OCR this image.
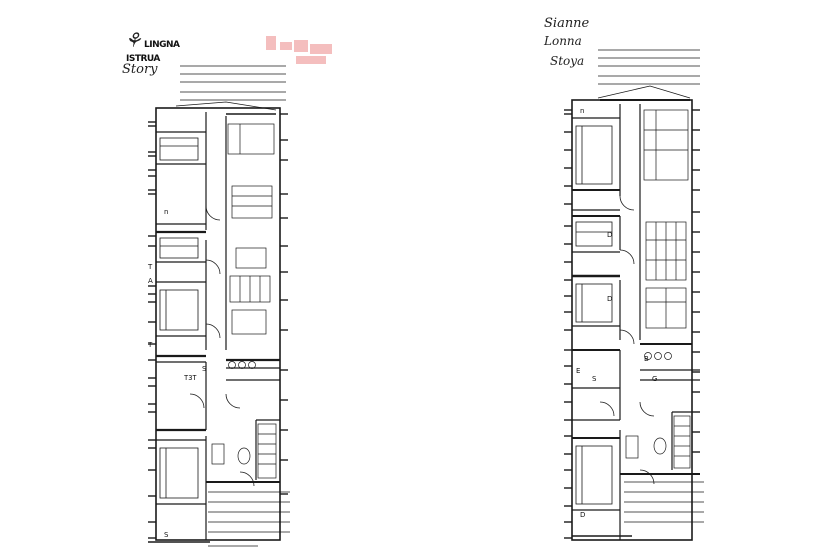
⚘ LINGNA
ISTRUA
Story
Sianne
Lonna
Stoya
n
T
A
T
S
T3T
S
n
D
D
D
G
S
B
E
